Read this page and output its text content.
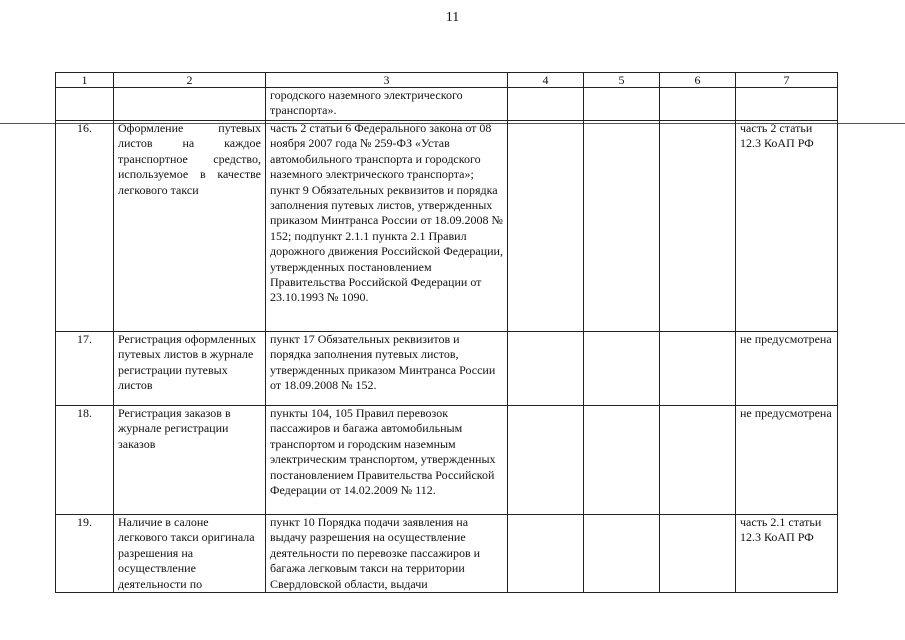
11
1	2	3	4	5	6	7
		городского наземного электрического транспорта».				
16.	Оформление путевых листов на каждое транспортное средство, используемое в качестве легкового такси	часть 2 статьи 6 Федерального закона от 08 ноября 2007 года № 259-ФЗ «Устав автомобильного транспорта и городского наземного электрического транспорта»; пункт 9 Обязательных реквизитов и порядка заполнения путевых листов, утвержденных приказом Минтранса России от 18.09.2008 № 152; подпункт 2.1.1 пункта 2.1 Правил дорожного движения Российской Федерации, утвержденных постановлением Правительства Российской Федерации от 23.10.1993 № 1090.				часть 2 статьи 12.3 КоАП РФ
17.	Регистрация оформленных путевых листов в журнале регистрации путевых листов	пункт 17 Обязательных реквизитов и порядка заполнения путевых листов, утвержденных приказом Минтранса России от 18.09.2008 № 152.				не предусмотрена
18.	Регистрация заказов в журнале регистрации заказов	пункты 104, 105 Правил перевозок пассажиров и багажа автомобильным транспортом и городским наземным электрическим транспортом, утвержденных постановлением Правительства Российской Федерации от 14.02.2009 № 112.				не предусмотрена
19.	Наличие в салоне легкового такси оригинала разрешения на осуществление деятельности по	пункт 10 Порядка подачи заявления на выдачу разрешения на осуществление деятельности по перевозке пассажиров и багажа легковым такси на территории Свердловской области, выдачи				часть 2.1 статьи 12.3 КоАП РФ
